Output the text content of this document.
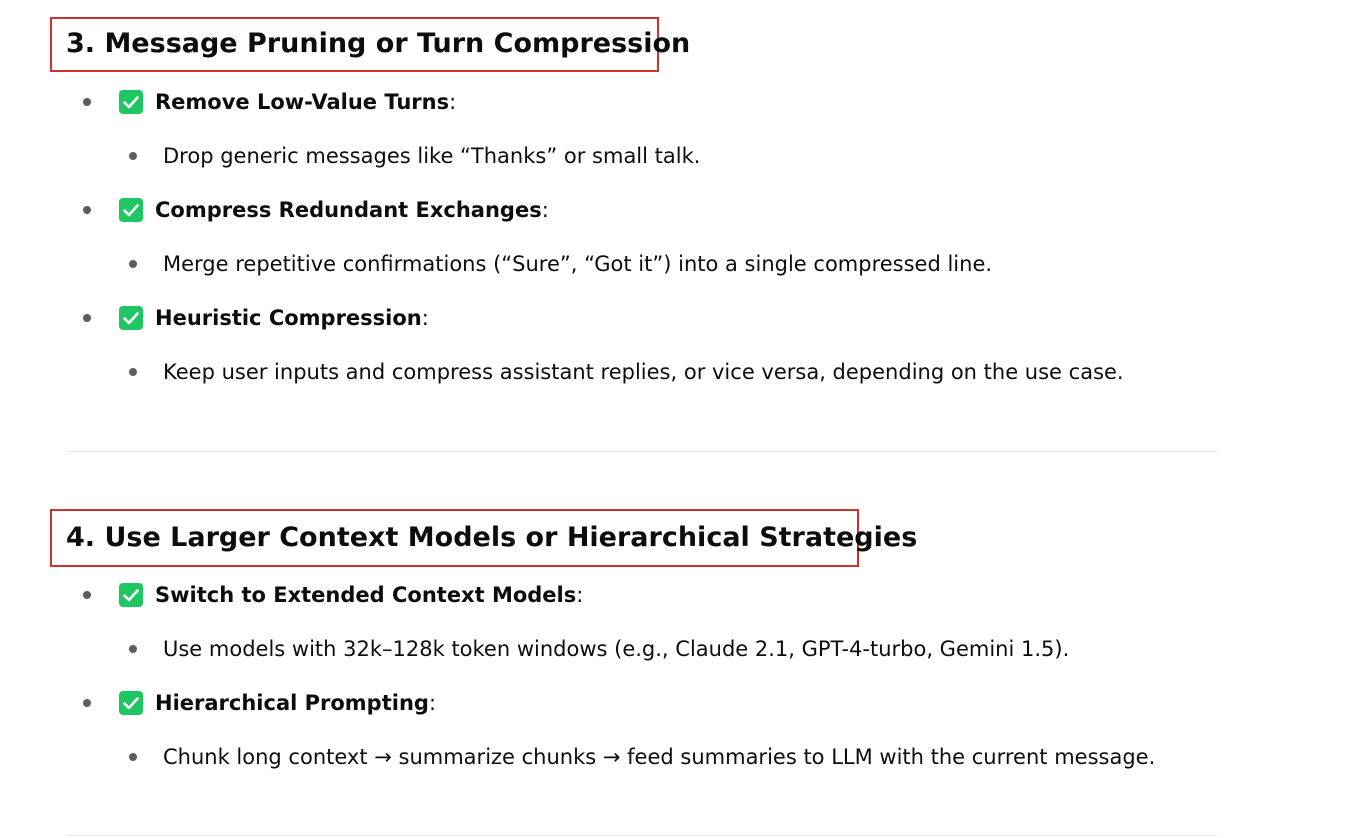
3. Message Pruning or Turn Compression
Remove Low-Value Turns:
Drop generic messages like “Thanks” or small talk.
Compress Redundant Exchanges:
Merge repetitive confirmations (“Sure”, “Got it”) into a single compressed line.
Heuristic Compression:
Keep user inputs and compress assistant replies, or vice versa, depending on the use case.
4. Use Larger Context Models or Hierarchical Strategies
Switch to Extended Context Models:
Use models with 32k–128k token windows (e.g., Claude 2.1, GPT-4-turbo, Gemini 1.5).
Hierarchical Prompting:
Chunk long context → summarize chunks → feed summaries to LLM with the current message.
